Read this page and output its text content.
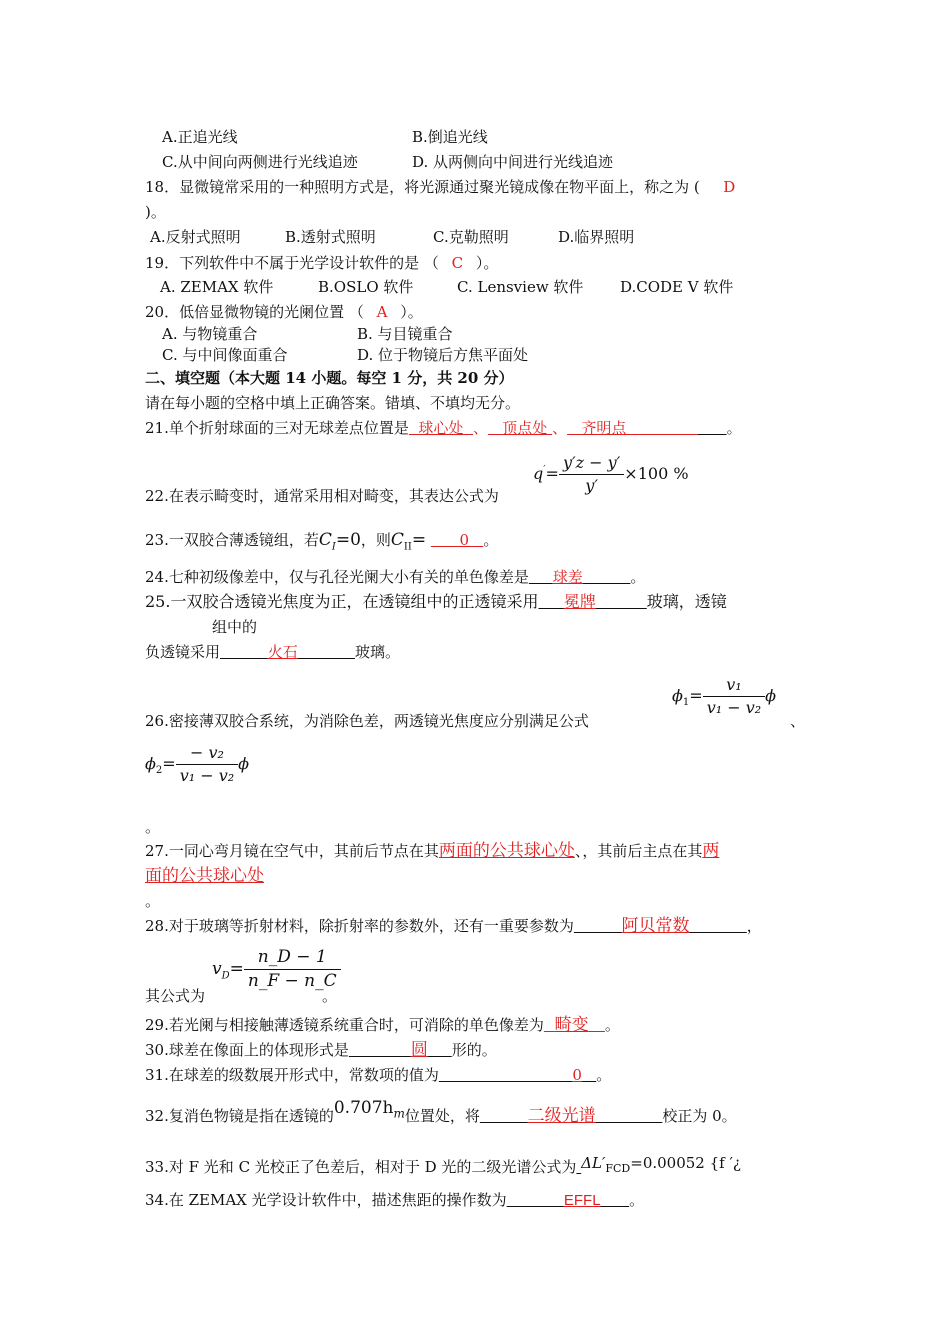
A.正追光线	B.倒追光线
C.从中间向两侧进行光线追迹	D. 从两侧向中间进行光线追迹
18．显微镜常采用的一种照明方式是，将光源通过聚光镜成像在物平面上，称之为 ( D
)。
A.反射式照明	B.透射式照明	C.克勒照明	D.临界照明
19．下列软件中不属于光学设计软件的是 （ C ）。
A. ZEMAX 软件	B.OSLO 软件	C. Lensview 软件 D.CODE V 软件
20．低倍显微物镜的光阑位置 （ A ）。
A. 与物镜重合	B. 与目镜重合
C. 与中间像面重合	D. 位于物镜后方焦平面处
二、填空题（本大题 14 小题。每空 1 分，共 20 分）
请在每小题的空格中填上正确答案。错填、不填均无分。
21.单个折射球面的三对无球差点位置是 球心处 、 顶点处 、 齐明点	。
22.在表示畸变时，通常采用相对畸变，其表达公式为
$q'= \frac{y'z - y'}{y'} \times 100$ %
23.一双胶合薄透镜组，若$C_I=0$，则$C_{II}= 0$ 。
24.七种初级像差中，仅与孔径光阑大小有关的单色像差是 球差	。
25.一双胶合透镜光焦度为正，在透镜组中的正透镜采用 冕牌	玻璃，透镜
组中的
负透镜采用	火石	玻璃。
26.密接薄双胶合系统，为消除色差，两透镜光焦度应分别满足公式
$\phi_1= \frac{\text{v₁}}{\text{v₁ − v₂}}$ ϕ
、
$\phi_2= \frac{\text{− v₂}}{\text{v₁ − v₂}}$ ϕ
。
27.一同心弯月镜在空气中，其前后节点在其两面的公共球心处、，其前后主点在其两
面的公共球心处
。
28.对于玻璃等折射材料，除折射率的参数外，还有一重要参数为	阿贝常数	，
其公式为
$v_D= \frac{n\_D - 1}{n\_F - n\_C}$
。
29.若光阑与相接触薄透镜系统重合时，可消除的单色像差为 畸变 。
30.球差在像面上的体现形式是	圆 形的。
31.在球差的级数展开形式中，常数项的值为	0 。
32.复消色物镜是指在透镜的$0.707h_m$位置处，将	二级光谱	校正为 0。
33.对 F 光和 C 光校正了色差后，相对于 D 光的二级光谱公式为 $\Delta L'_{FCD}=0.00052$ {f ′¿
34.在 ZEMAX 光学设计软件中，描述焦距的操作数为	EFFL 。
